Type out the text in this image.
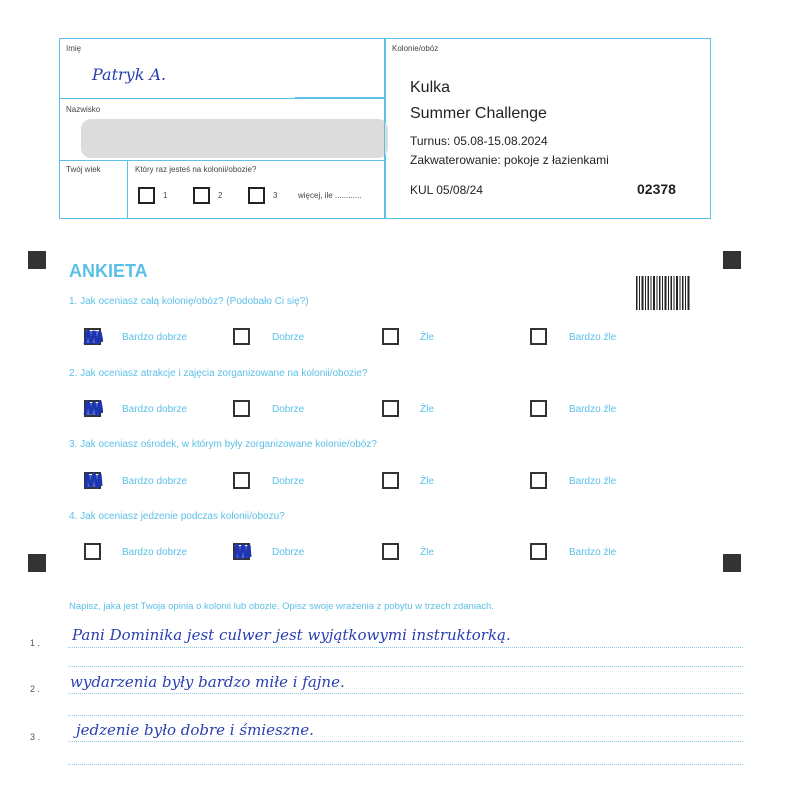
Imię
Patryk A.
Nazwisko
Twój wiek	Który raz jesteś na kolonii/obozie?
1	2	3	więcej, ile ............
Kolonie/obóz
Kulka
Summer Challenge
Turnus: 05.08-15.08.2024
Zakwaterowanie: pokoje z łazienkami
KUL 05/08/24	02378
ANKIETA
1. Jak oceniasz całą kolonię/obóz? (Podobało Ci się?)
Bardzo dobrze	Dobrze	Źle	Bardzo źle
2. Jak oceniasz atrakcje i zajęcia zorganizowane na kolonii/obozie?
Bardzo dobrze	Dobrze	Źle	Bardzo źle
3. Jak oceniasz ośrodek, w którym były zorganizowane kolonie/obóz?
Bardzo dobrze	Dobrze	Źle	Bardzo źle
4. Jak oceniasz jedzenie podczas kolonii/obozu?
Bardzo dobrze	Dobrze	Źle	Bardzo źle
Napisz, jaka jest Twoja opinia o kolonii lub obozie. Opisz swoje wrażenia z pobytu w trzech zdaniach.
1 . Pani Dominika jest culwer jest wyjątkowymi instruktorką.
2 . wydarzenia były bardzo miłe i fajne.
3 . jedzenie było dobre i śmieszne.
